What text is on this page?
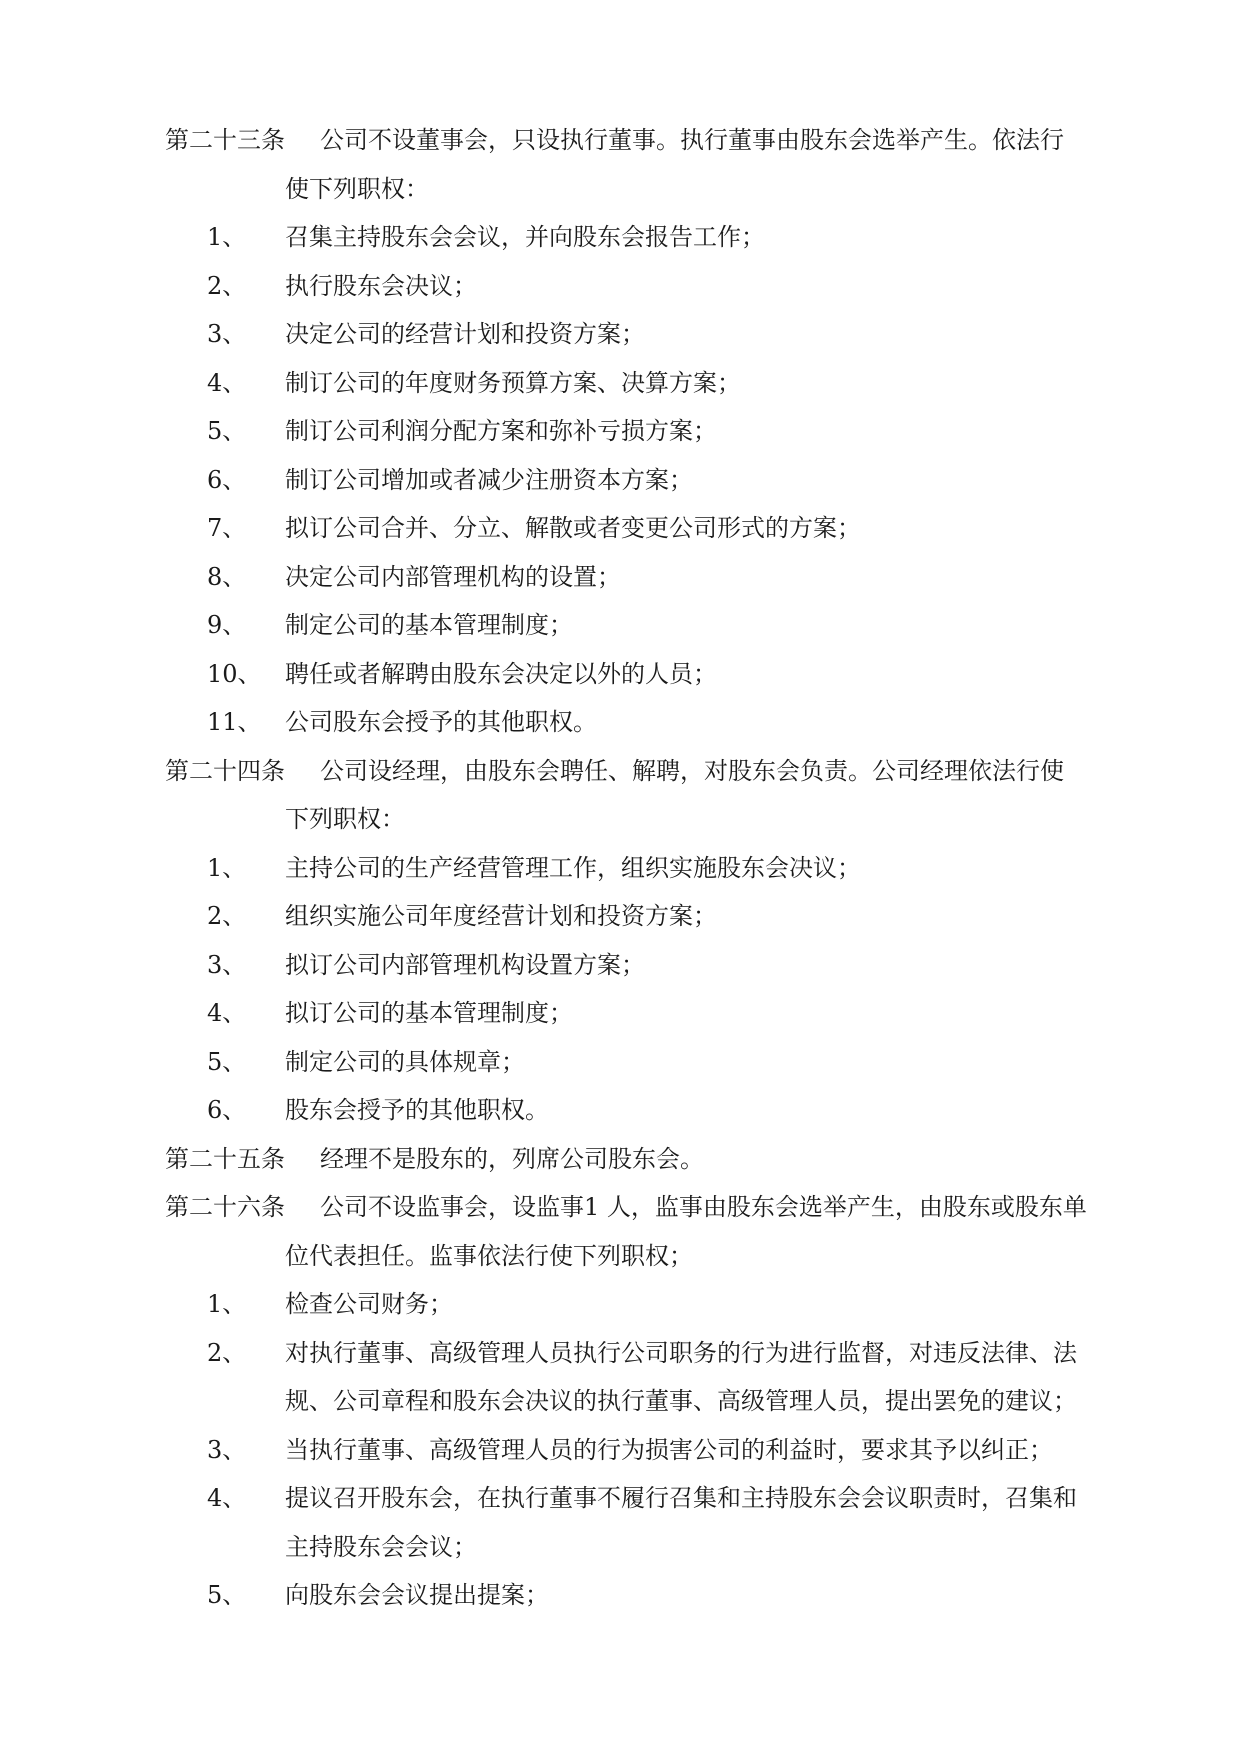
第二十三条	公司不设董事会，只设执行董事。执行董事由股东会选举产生。依法行
使下列职权：
1、	召集主持股东会会议，并向股东会报告工作；
2、	执行股东会决议；
3、	决定公司的经营计划和投资方案；
4、	制订公司的年度财务预算方案、决算方案；
5、	制订公司利润分配方案和弥补亏损方案；
6、	制订公司增加或者减少注册资本方案；
7、	拟订公司合并、分立、解散或者变更公司形式的方案；
8、	决定公司内部管理机构的设置；
9、	制定公司的基本管理制度；
10、 聘任或者解聘由股东会决定以外的人员；
11、 公司股东会授予的其他职权。
第二十四条	公司设经理，由股东会聘任、解聘，对股东会负责。公司经理依法行使
下列职权：
1、	主持公司的生产经营管理工作，组织实施股东会决议；
2、	组织实施公司年度经营计划和投资方案；
3、	拟订公司内部管理机构设置方案；
4、	拟订公司的基本管理制度；
5、	制定公司的具体规章；
6、	股东会授予的其他职权。
第二十五条	经理不是股东的，列席公司股东会。
第二十六条	公司不设监事会，设监事1 人，监事由股东会选举产生，由股东或股东单
位代表担任。监事依法行使下列职权；
1、	检查公司财务；
2、	对执行董事、高级管理人员执行公司职务的行为进行监督，对违反法律、法
规、公司章程和股东会决议的执行董事、高级管理人员，提出罢免的建议；
3、	当执行董事、高级管理人员的行为损害公司的利益时，要求其予以纠正；
4、	提议召开股东会，在执行董事不履行召集和主持股东会会议职责时，召集和
主持股东会会议；
5、	向股东会会议提出提案；
